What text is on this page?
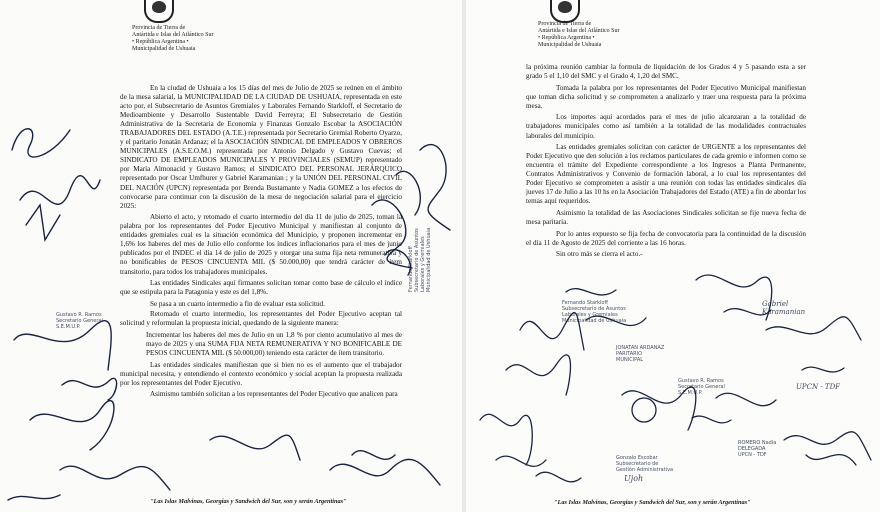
Provincia de Tierra de
Antártida e Islas del Atlántico Sur
• República Argentina •
Municipalidad de Ushuaia

En la ciudad de Ushuaia a los 15 días del mes de Julio de 2025 se reúnen en el ámbito de la mesa salarial, la MUNICIPALIDAD DE LA CIUDAD DE USHUAIA, representada en este acto por, el Subsecretario de Asuntos Gremiales y Laborales Fernando Starkloff, el Secretario de Medioambiente y Desarrollo Sustentable David Ferreyra; El Subsecretario de Gestión Administrativa de la Secretaria de Economía y Finanzas Gonzalo Escobar la ASOCIACIÓN TRABAJADORES DEL ESTADO (A.T.E.) representada por Secretario Gremial Roberto Oyarzo, y el paritario Jonatán Ardanaz; el la ASOCIACIÓN SINDICAL DE EMPLEADOS Y OBREROS MUNICIPALES (A.S.E.O.M.) representada por Antonio Delgado y Gustavo Cuevas; el SINDICATO DE EMPLEADOS MUNICIPALES Y PROVINCIALES (SEMUP) representado por María Almonacid y Gustavo Ramos; el SINDICATO DEL PERSONAL JERÁRQUICO representado por Oscar Umfhurer y Gabriel Karamanian ; y la UNIÓN DEL PERSONAL CIVIL DEL NACIÓN (UPCN) representada por Brenda Bustamante y Nadia GOMEZ a los efectos de convocarse para continuar con la discusión de la mesa de negociación salarial para el ejercicio 2025:

Abierto el acto, y retomado el cuarto intermedio del día 11 de julio de 2025, toman la palabra por los representantes del Poder Ejecutivo Municipal y manifiestan al conjunto de entidades gremiales cual es la situación económica del Municipio, y proponen incrementar en 1,6% los haberes del mes de Julio ello conforme los índices inflacionarios para el mes de junio publicados por el INDEC el día 14 de julio de 2025 y otorgar una suma fija neta remunerativa y no bonificables de PESOS CINCUENTA MIL ($ 50.000,00) que tendrá carácter de ítem transitorio, para todos los trabajadores municipales.

Las entidades Sindicales aquí firmantes solicitan tomar como base de cálculo el índice que se estipula para la Patagonia y este es del 1,8%.

Se pasa a un cuarto intermedio a fin de evaluar esta solicitud.

Retomado el cuarto intermedio, los representantes del Poder Ejecutivo aceptan tal solicitud y reformulan la propuesta inicial, quedando de la siguiente manera:

Incrementar los haberes del mes de Julio en un 1,8 % por ciento acumulativo al mes de mayo de 2025 y una SUMA FIJA NETA REMUNERATIVA Y NO BONIFICABLE DE PESOS CINCUENTA MIL ($ 50.000,00) teniendo esta carácter de ítem transitorio.

Las entidades sindicales manifiestan que si bien no es el aumento que el trabajador municipal necesita, y entendiendo el contexto económico y social aceptan la propuesta realizada por los representantes del Poder Ejecutivo.

Asimismo también solicitan a los representantes del Poder Ejecutivo que analicen para

"Las Islas Malvinas, Georgias y Sandwich del Sur, son y serán Argentinas"
Gustavo R. Ramos
Secretario General
S.E.M.U.P.
Fernando Starkloff
Subsecretario de Asuntos
Laborales y Gremiales
Municipalidad de Ushuaia
Provincia de Tierra de
Antártida e Islas del Atlántico Sur
• República Argentina •
Municipalidad de Ushuaia

la próxima reunión cambiar la formula de liquidación de los Grados 4 y 5 pasando esta a ser grado 5 el 1,10 del SMC y el Grado 4, 1,20 del SMC.

Tomada la palabra por los representantes del Poder Ejecutivo Municipal manifiestan que toman dicha solicitud y se comprometen a analizarlo y traer una respuesta para la próxima mesa.

Los importes aquí acordados para el mes de julio alcanzaran a la totalidad de trabajadores municipales como así también a la totalidad de las modalidades contractuales laborales del municipio.

Las entidades gremiales solicitan con carácter de URGENTE a los representantes del Poder Ejecutivo que den solución a los reclamos particulares de cada gremio e informen como se encuentra el trámite del Expediente correspondiente a los Ingresos a Planta Permanente, Contratos Administrativos y Convenio de formación laboral, a lo cual los representantes del Poder Ejecutivo se comprometen a asistir a una reunión con todas las entidades sindicales día jueves 17 de Julio a las 10 hs en la Asociación Trabajadores del Estado (ATE) a fin de abordar los temas aquí requeridos.

Asimismo la totalidad de las Asociaciones Sindicales solicitan se fije nueva fecha de mesa paritaria.

Por lo antes expuesto se fija fecha de convocatoria para la continuidad de la discusión el día 11 de Agosto de 2025 del corriente a las 16 horas.

Sin otro más se cierra el acto.-

Fernando Starkloff
Subsecretario de Asuntos
Laborales y Gremiales
Municipalidad de Ushuaia
JONATAN ARDANAZ
PARITARIO
MUNICIPAL
Gustavo R. Ramos
Secretario General
S.E.M.U.P.
ROMERO Nadia
DELEGADA
UPCN - TDF
Gonzalo Escobar
Subsecretario de
Gestión Administrativa
Gabriel
Karamanian
UPCN - TDF
Ujoh
"Las Islas Malvinas, Georgias y Sandwich del Sur, son y serán Argentinas"
